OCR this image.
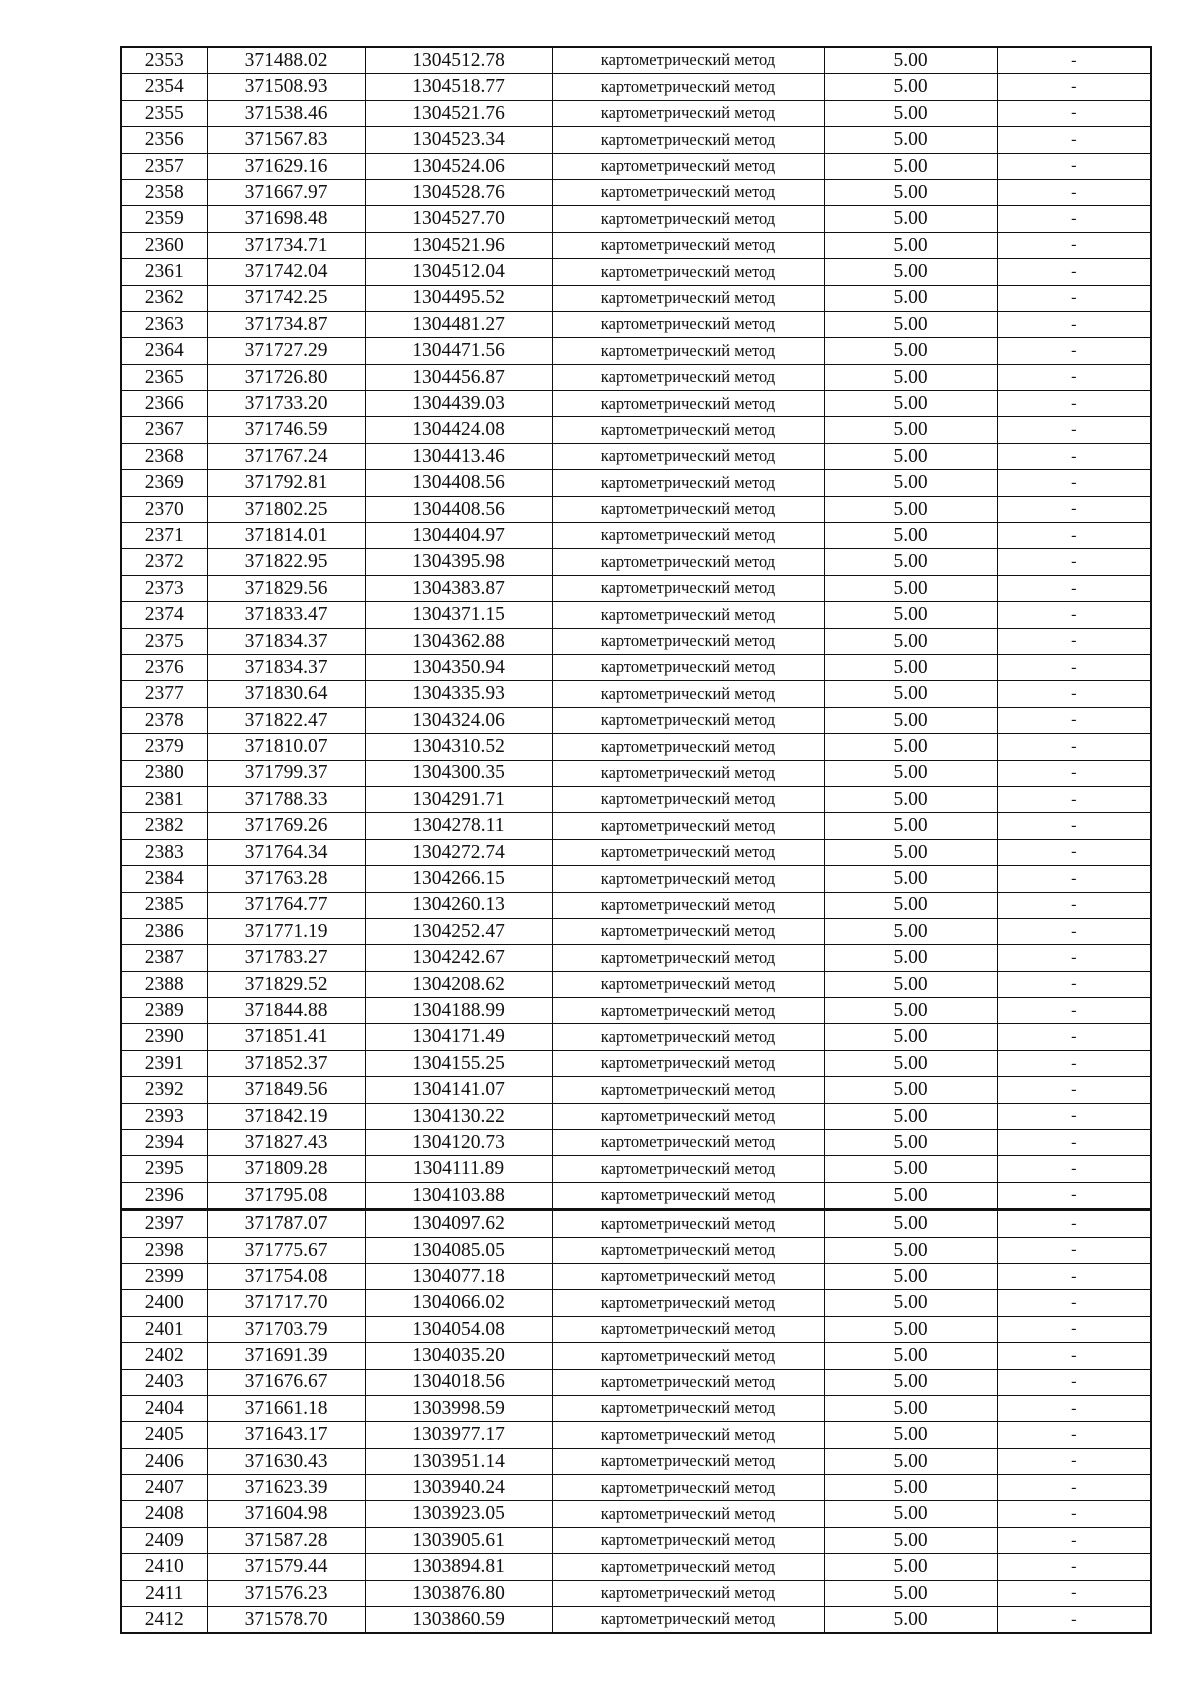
2353	371488.02	1304512.78	картометрический метод	5.00	-
2354	371508.93	1304518.77	картометрический метод	5.00	-
2355	371538.46	1304521.76	картометрический метод	5.00	-
2356	371567.83	1304523.34	картометрический метод	5.00	-
2357	371629.16	1304524.06	картометрический метод	5.00	-
2358	371667.97	1304528.76	картометрический метод	5.00	-
2359	371698.48	1304527.70	картометрический метод	5.00	-
2360	371734.71	1304521.96	картометрический метод	5.00	-
2361	371742.04	1304512.04	картометрический метод	5.00	-
2362	371742.25	1304495.52	картометрический метод	5.00	-
2363	371734.87	1304481.27	картометрический метод	5.00	-
2364	371727.29	1304471.56	картометрический метод	5.00	-
2365	371726.80	1304456.87	картометрический метод	5.00	-
2366	371733.20	1304439.03	картометрический метод	5.00	-
2367	371746.59	1304424.08	картометрический метод	5.00	-
2368	371767.24	1304413.46	картометрический метод	5.00	-
2369	371792.81	1304408.56	картометрический метод	5.00	-
2370	371802.25	1304408.56	картометрический метод	5.00	-
2371	371814.01	1304404.97	картометрический метод	5.00	-
2372	371822.95	1304395.98	картометрический метод	5.00	-
2373	371829.56	1304383.87	картометрический метод	5.00	-
2374	371833.47	1304371.15	картометрический метод	5.00	-
2375	371834.37	1304362.88	картометрический метод	5.00	-
2376	371834.37	1304350.94	картометрический метод	5.00	-
2377	371830.64	1304335.93	картометрический метод	5.00	-
2378	371822.47	1304324.06	картометрический метод	5.00	-
2379	371810.07	1304310.52	картометрический метод	5.00	-
2380	371799.37	1304300.35	картометрический метод	5.00	-
2381	371788.33	1304291.71	картометрический метод	5.00	-
2382	371769.26	1304278.11	картометрический метод	5.00	-
2383	371764.34	1304272.74	картометрический метод	5.00	-
2384	371763.28	1304266.15	картометрический метод	5.00	-
2385	371764.77	1304260.13	картометрический метод	5.00	-
2386	371771.19	1304252.47	картометрический метод	5.00	-
2387	371783.27	1304242.67	картометрический метод	5.00	-
2388	371829.52	1304208.62	картометрический метод	5.00	-
2389	371844.88	1304188.99	картометрический метод	5.00	-
2390	371851.41	1304171.49	картометрический метод	5.00	-
2391	371852.37	1304155.25	картометрический метод	5.00	-
2392	371849.56	1304141.07	картометрический метод	5.00	-
2393	371842.19	1304130.22	картометрический метод	5.00	-
2394	371827.43	1304120.73	картометрический метод	5.00	-
2395	371809.28	1304111.89	картометрический метод	5.00	-
2396	371795.08	1304103.88	картометрический метод	5.00	-
2397	371787.07	1304097.62	картометрический метод	5.00	-
2398	371775.67	1304085.05	картометрический метод	5.00	-
2399	371754.08	1304077.18	картометрический метод	5.00	-
2400	371717.70	1304066.02	картометрический метод	5.00	-
2401	371703.79	1304054.08	картометрический метод	5.00	-
2402	371691.39	1304035.20	картометрический метод	5.00	-
2403	371676.67	1304018.56	картометрический метод	5.00	-
2404	371661.18	1303998.59	картометрический метод	5.00	-
2405	371643.17	1303977.17	картометрический метод	5.00	-
2406	371630.43	1303951.14	картометрический метод	5.00	-
2407	371623.39	1303940.24	картометрический метод	5.00	-
2408	371604.98	1303923.05	картометрический метод	5.00	-
2409	371587.28	1303905.61	картометрический метод	5.00	-
2410	371579.44	1303894.81	картометрический метод	5.00	-
2411	371576.23	1303876.80	картометрический метод	5.00	-
2412	371578.70	1303860.59	картометрический метод	5.00	-
